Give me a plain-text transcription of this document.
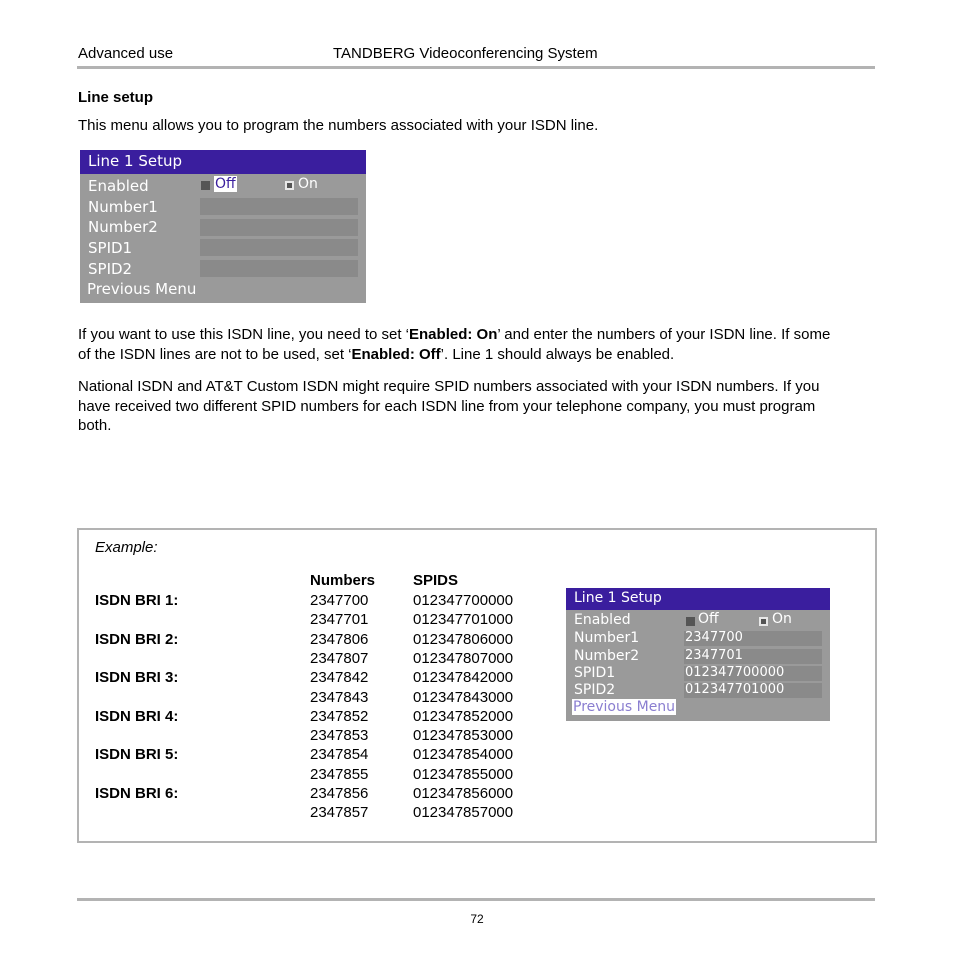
Advanced use	TANDBERG Videoconferencing System
Line setup
This menu allows you to program the numbers associated with your ISDN line.
Line 1 Setup
Enabled	Off	On
Number1
Number2
SPID1
SPID2
Previous Menu
If you want to use this ISDN line, you need to set ‘Enabled: On’ and enter the numbers of your ISDN line. If some
of the ISDN lines are not to be used, set ‘Enabled: Off’. Line 1 should always be enabled.
National ISDN and AT&T Custom ISDN might require SPID numbers associated with your ISDN numbers. If you
have received two different SPID numbers for each ISDN line from your telephone company, you must program
both.
Example:
Numbers	SPIDS
ISDN BRI 1:	2347700	012347700000
2347701	012347701000
ISDN BRI 2:	2347806	012347806000
2347807	012347807000
ISDN BRI 3:	2347842	012347842000
2347843	012347843000
ISDN BRI 4:	2347852	012347852000
2347853	012347853000
ISDN BRI 5:	2347854	012347854000
2347855	012347855000
ISDN BRI 6:	2347856	012347856000
2347857	012347857000
Line 1 Setup
Enabled	Off	On
Number1	2347700
Number2	2347701
SPID1	012347700000
SPID2	012347701000
Previous Menu
72
